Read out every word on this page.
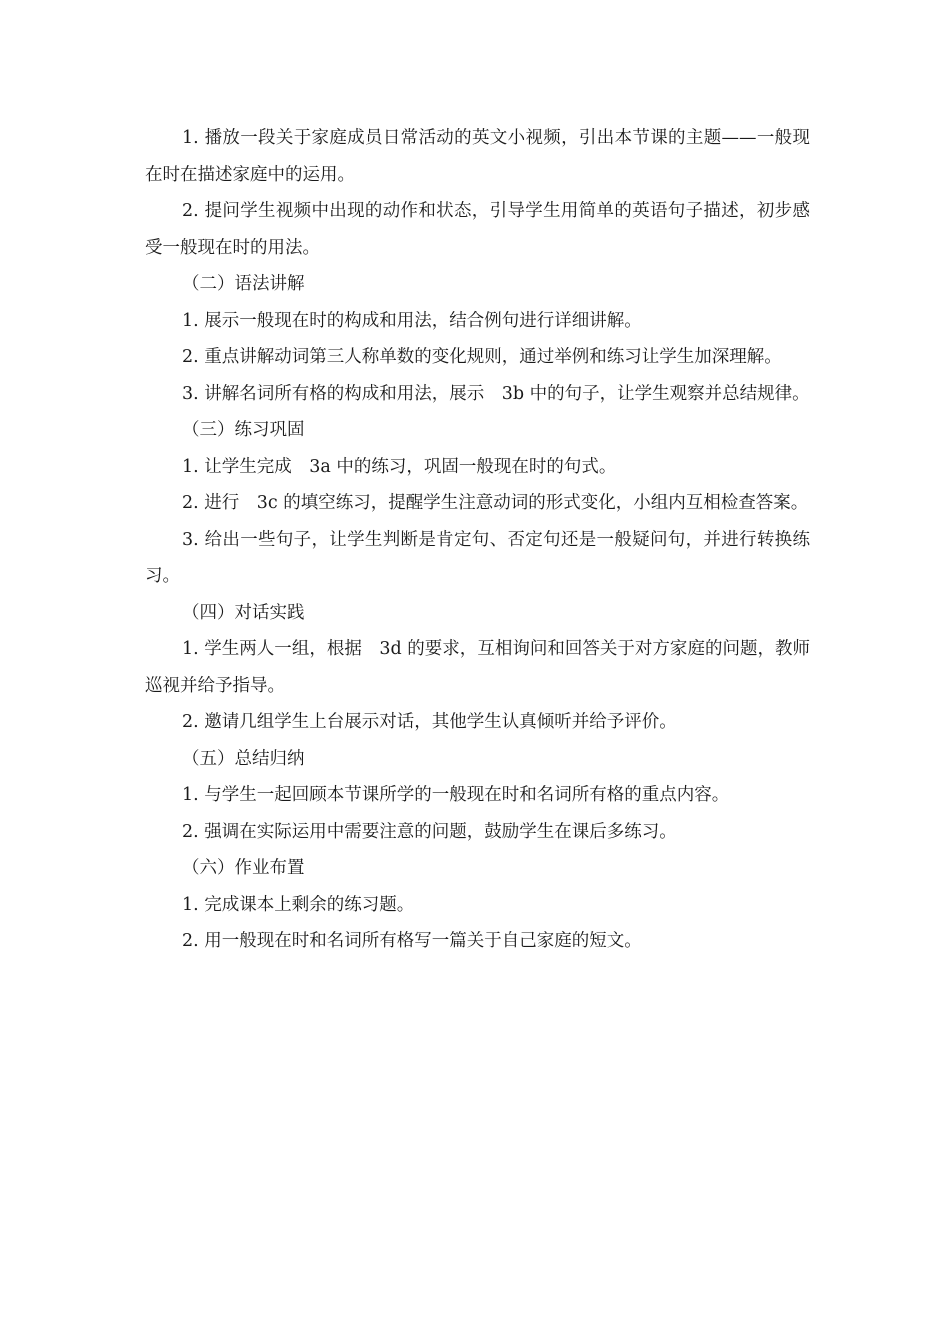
1. 播放一段关于家庭成员日常活动的英文小视频，引出本节课的主题——一般现在时在描述家庭中的运用。

2. 提问学生视频中出现的动作和状态，引导学生用简单的英语句子描述，初步感受一般现在时的用法。

（二）语法讲解

1. 展示一般现在时的构成和用法，结合例句进行详细讲解。

2. 重点讲解动词第三人称单数的变化规则，通过举例和练习让学生加深理解。

3. 讲解名词所有格的构成和用法，展示　3b 中的句子，让学生观察并总结规律。

（三）练习巩固

1. 让学生完成　3a 中的练习，巩固一般现在时的句式。

2. 进行　3c 的填空练习，提醒学生注意动词的形式变化，小组内互相检查答案。

3. 给出一些句子，让学生判断是肯定句、否定句还是一般疑问句，并进行转换练习。

（四）对话实践

1. 学生两人一组，根据　3d 的要求，互相询问和回答关于对方家庭的问题，教师巡视并给予指导。

2. 邀请几组学生上台展示对话，其他学生认真倾听并给予评价。

（五）总结归纳

1. 与学生一起回顾本节课所学的一般现在时和名词所有格的重点内容。

2. 强调在实际运用中需要注意的问题，鼓励学生在课后多练习。

（六）作业布置

1. 完成课本上剩余的练习题。

2. 用一般现在时和名词所有格写一篇关于自己家庭的短文。
